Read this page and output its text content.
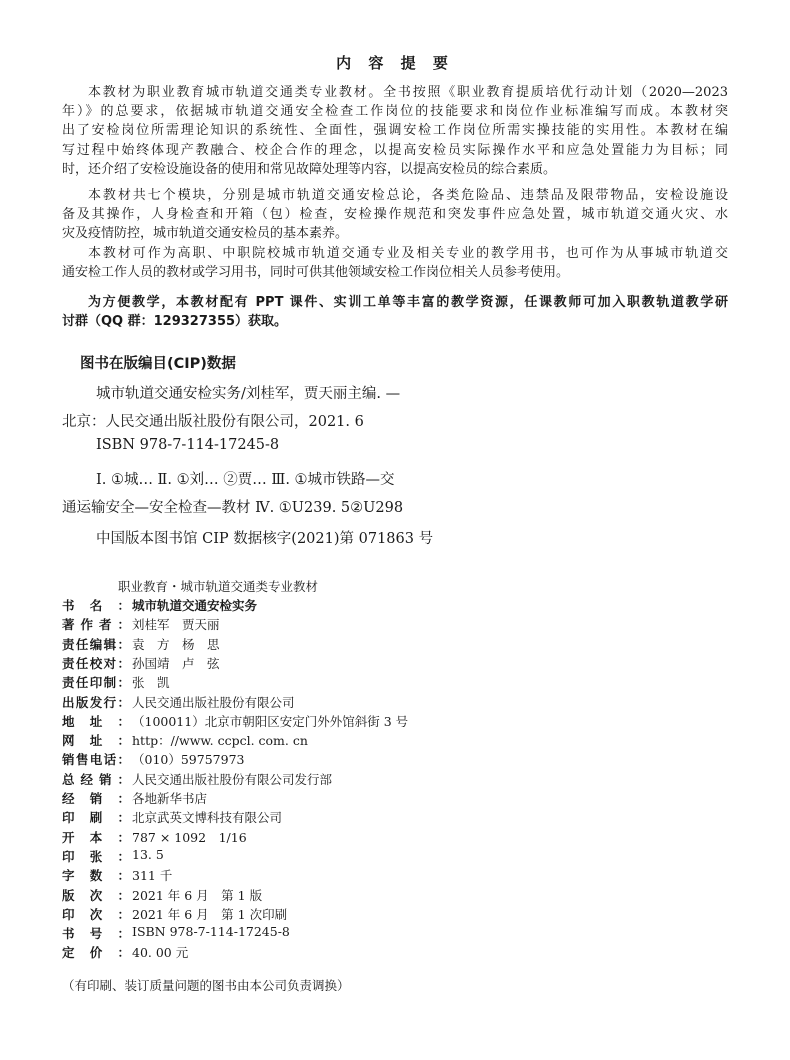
内 容 提 要
本教材为职业教育城市轨道交通类专业教材。全书按照《职业教育提质培优行动计划（2020—2023
年）》的总要求，依据城市轨道交通安全检查工作岗位的技能要求和岗位作业标准编写而成。本教材突
出了安检岗位所需理论知识的系统性、全面性，强调安检工作岗位所需实操技能的实用性。本教材在编
写过程中始终体现产教融合、校企合作的理念，以提高安检员实际操作水平和应急处置能力为目标；同
时，还介绍了安检设施设备的使用和常见故障处理等内容，以提高安检员的综合素质。
本教材共七个模块，分别是城市轨道交通安检总论，各类危险品、违禁品及限带物品，安检设施设
备及其操作，人身检查和开箱（包）检查，安检操作规范和突发事件应急处置，城市轨道交通火灾、水
灾及疫情防控，城市轨道交通安检员的基本素养。
本教材可作为高职、中职院校城市轨道交通专业及相关专业的教学用书，也可作为从事城市轨道交
通安检工作人员的教材或学习用书，同时可供其他领域安检工作岗位相关人员参考使用。
为方便教学，本教材配有 PPT 课件、实训工单等丰富的教学资源，任课教师可加入职教轨道教学研
讨群（QQ 群：129327355）获取。
图书在版编目(CIP)数据
城市轨道交通安检实务/刘桂军，贾天丽主编. —
北京：人民交通出版社股份有限公司，2021. 6
ISBN 978-7-114-17245-8
Ⅰ. ①城… Ⅱ. ①刘… ②贾… Ⅲ. ①城市铁路—交
通运输安全—安全检查—教材 Ⅳ. ①U239. 5②U298
中国版本图书馆 CIP 数据核字(2021)第 071863 号
职业教育・城市轨道交通类专业教材
书名： 城市轨道交通安检实务
著作者： 刘桂军　贾天丽
责任编辑： 袁　方　杨　思
责任校对： 孙国靖　卢　弦
责任印制： 张　凯
出版发行： 人民交通出版社股份有限公司
地址： （100011）北京市朝阳区安定门外外馆斜街 3 号
网址： http：//www. ccpcl. com. cn
销售电话： （010）59757973
总经销： 人民交通出版社股份有限公司发行部
经销： 各地新华书店
印刷： 北京武英文博科技有限公司
开本： 787 × 1092　1/16
印张： 13. 5
字数： 311 千
版次： 2021 年 6 月　第 1 版
印次： 2021 年 6 月　第 1 次印刷
书号： ISBN 978-7-114-17245-8
定价： 40. 00 元
（有印刷、装订质量问题的图书由本公司负责调换）
